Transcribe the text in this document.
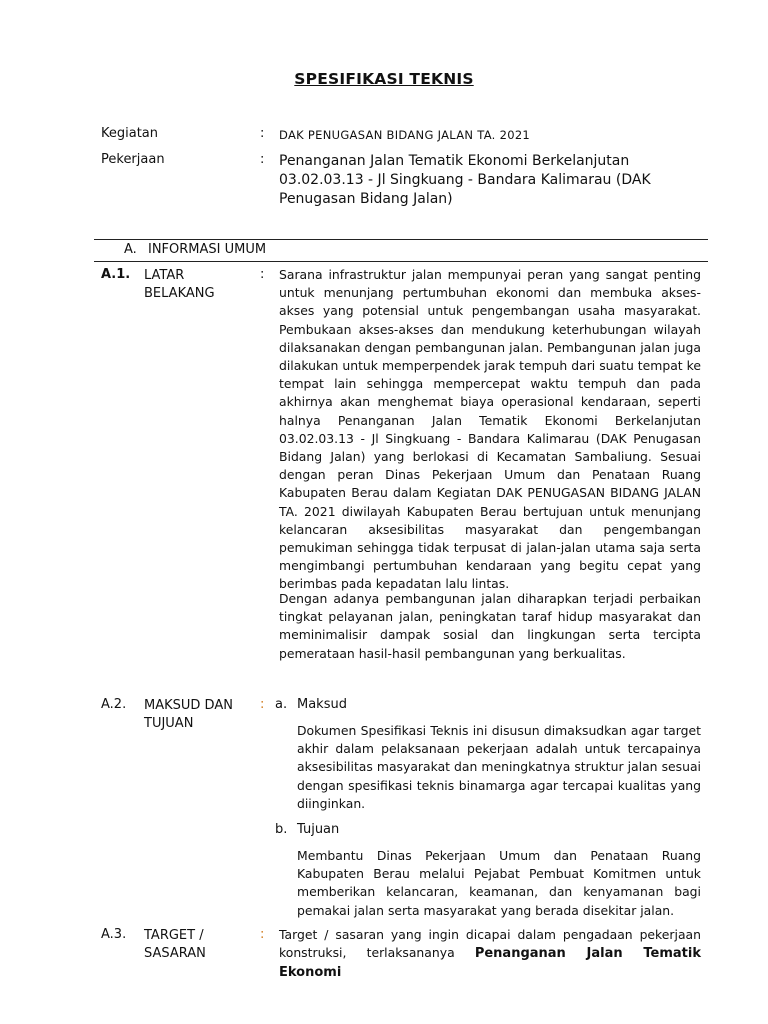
SPESIFIKASI TEKNIS
Kegiatan	: DAK PENUGASAN BIDANG JALAN TA. 2021
Pekerjaan	: Penanganan Jalan Tematik Ekonomi Berkelanjutan 03.02.03.13 - Jl Singkuang - Bandara Kalimarau (DAK Penugasan Bidang Jalan)
A. INFORMASI UMUM
A.1. LATAR BELAKANG
: Sarana infrastruktur jalan mempunyai peran yang sangat penting untuk menunjang pertumbuhan ekonomi dan membuka akses-akses yang potensial untuk pengembangan usaha masyarakat. Pembukaan akses-akses dan mendukung keterhubungan wilayah dilaksanakan dengan pembangunan jalan. Pembangunan jalan juga dilakukan untuk memperpendek jarak tempuh dari suatu tempat ke tempat lain sehingga mempercepat waktu tempuh dan pada akhirnya akan menghemat biaya operasional kendaraan, seperti halnya Penanganan Jalan Tematik Ekonomi Berkelanjutan 03.02.03.13 - Jl Singkuang - Bandara Kalimarau (DAK Penugasan Bidang Jalan) yang berlokasi di Kecamatan Sambaliung. Sesuai dengan peran Dinas Pekerjaan Umum dan Penataan Ruang Kabupaten Berau dalam Kegiatan DAK PENUGASAN BIDANG JALAN TA. 2021 diwilayah Kabupaten Berau bertujuan untuk menunjang kelancaran aksesibilitas masyarakat dan pengembangan pemukiman sehingga tidak terpusat di jalan-jalan utama saja serta mengimbangi pertumbuhan kendaraan yang begitu cepat yang berimbas pada kepadatan lalu lintas.
Dengan adanya pembangunan jalan diharapkan terjadi perbaikan tingkat pelayanan jalan, peningkatan taraf hidup masyarakat dan meminimalisir dampak sosial dan lingkungan serta tercipta pemerataan hasil-hasil pembangunan yang berkualitas.
A.2. MAKSUD DAN TUJUAN
: a. Maksud
Dokumen Spesifikasi Teknis ini disusun dimaksudkan agar target akhir dalam pelaksanaan pekerjaan adalah untuk tercapainya aksesibilitas masyarakat dan meningkatnya struktur jalan sesuai dengan spesifikasi teknis binamarga agar tercapai kualitas yang diinginkan.
b. Tujuan
Membantu Dinas Pekerjaan Umum dan Penataan Ruang Kabupaten Berau melalui Pejabat Pembuat Komitmen untuk memberikan kelancaran, keamanan, dan kenyamanan bagi pemakai jalan serta masyarakat yang berada disekitar jalan.
A.3. TARGET / SASARAN
: Target / sasaran yang ingin dicapai dalam pengadaan pekerjaan konstruksi, terlaksananya Penanganan Jalan Tematik Ekonomi
